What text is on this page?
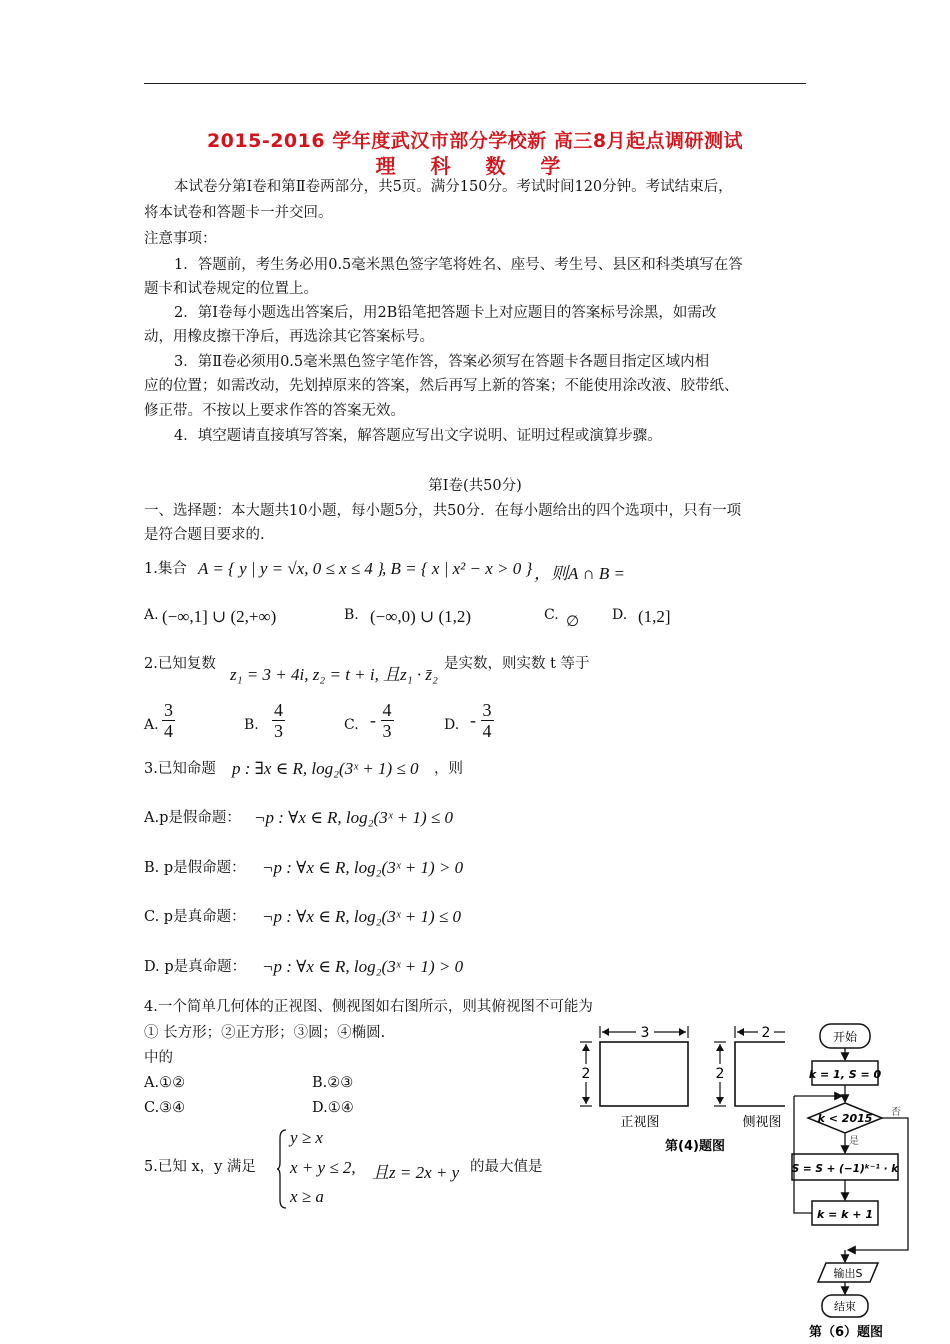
2015-2016 学年度武汉市部分学校新 高三8月起点调研测试
理 科 数 学
本试卷分第Ⅰ卷和第Ⅱ卷两部分，共5页。满分150分。考试时间120分钟。考试结束后，
将本试卷和答题卡一并交回。
注意事项：
1．答题前，考生务必用0.5毫米黑色签字笔将姓名、座号、考生号、县区和科类填写在答
题卡和试卷规定的位置上。
2．第Ⅰ卷每小题选出答案后，用2B铅笔把答题卡上对应题目的答案标号涂黑，如需改
动，用橡皮擦干净后，再选涂其它答案标号。
3．第Ⅱ卷必须用0.5毫米黑色签字笔作答，答案必须写在答题卡各题目指定区域内相
应的位置；如需改动，先划掉原来的答案，然后再写上新的答案；不能使用涂改液、胶带纸、
修正带。不按以上要求作答的答案无效。
4．填空题请直接填写答案，解答题应写出文字说明、证明过程或演算步骤。
第Ⅰ卷(共50分)
一、选择题：本大题共10小题，每小题5分，共50分．在每小题给出的四个选项中，只有一项
是符合题目要求的.
1.集合 A = { y | y = √x, 0 ≤ x ≤ 4 }
, B = { x | x² − x > 0 } ，则A ∩ B =
A. (−∞,1] ∪ (2,+∞)	B. (−∞,0) ∪ (1,2)	C. ∅ D. (1,2]
2.已知复数
z₁ = 3 + 4i, z₂ = t + i, 且z₁ · z̄₂
是实数，则实数 t 等于
A. $\frac{3}{4}$	B. $\frac{4}{3}$	C. - $\frac{4}{3}$	D. - $\frac{3}{4}$
3.已知命题 p : ∃x ∈ R, log₂(3ˣ + 1) ≤ 0 ，则
A.p是假命题： ¬p : ∀x ∈ R, log₂(3ˣ + 1) ≤ 0
B. p是假命题： ¬p : ∀x ∈ R, log₂(3ˣ + 1) > 0
C. p是真命题： ¬p : ∀x ∈ R, log₂(3ˣ + 1) ≤ 0
D. p是真命题： ¬p : ∀x ∈ R, log₂(3ˣ + 1) > 0
4.一个简单几何体的正视图、侧视图如右图所示，则其俯视图不可能为
① 长方形；②正方形；③圆；④椭圆.
中的
A.①②	B.②③
C.③④	D.①④
5.已知 x，y 满足
y ≥ x
x + y ≤ 2,
x ≥ a
且z = 2x + y 的最大值是
3
2
正视图
2
2
侧视图
第(4)题图
开始
k = 1, S = 0
k < 2015 否
是
S = S + (−1)ᵏ⁻¹ · k
k = k + 1
输出S
结束
第（6）题图
